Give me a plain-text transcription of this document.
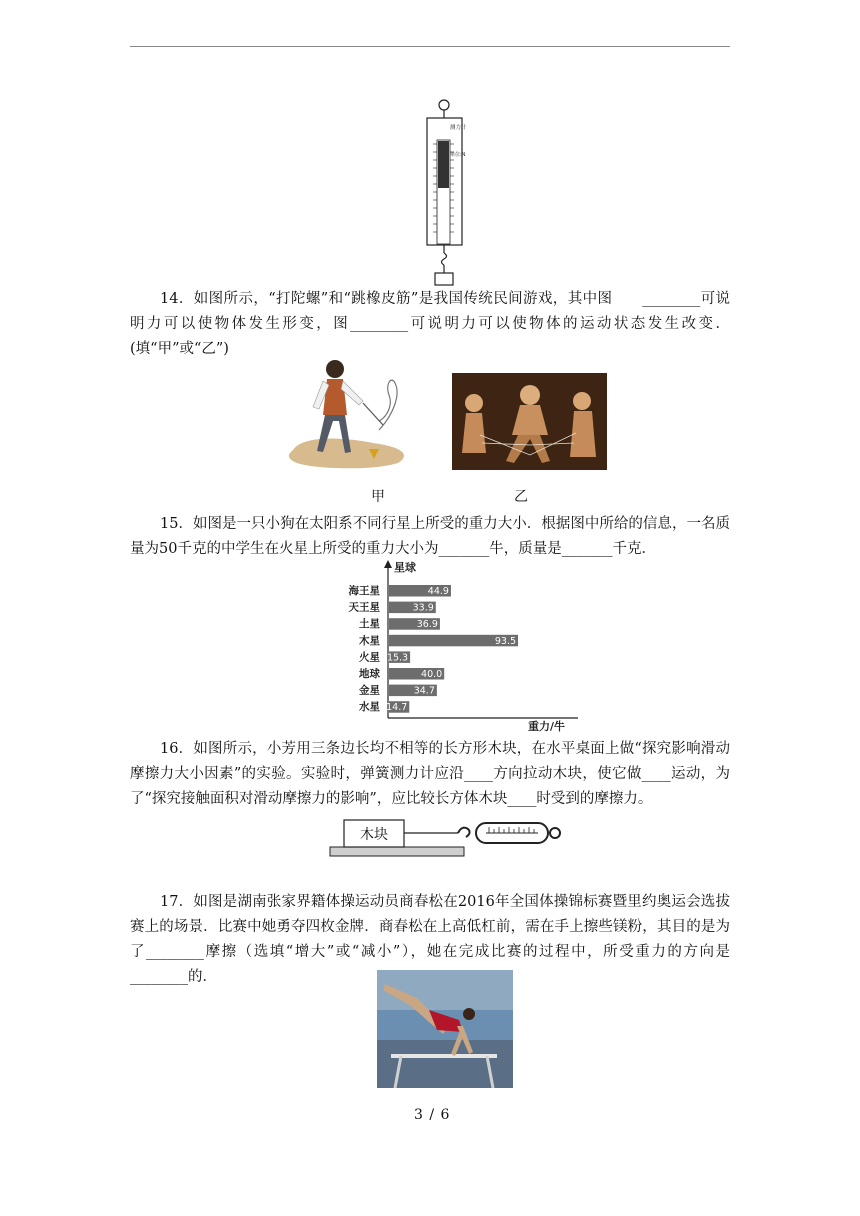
测力计
单位:N

14．如图所示，“打陀螺”和“跳橡皮筋”是我国传统民间游戏，其中图　　________可说明力可以使物体发生形变，图________可说明力可以使物体的运动状态发生改变．(填“甲”或“乙”)

甲	乙

15．如图是一只小狗在太阳系不同行星上所受的重力大小．根据图中所给的信息，一名质量为50千克的中学生在火星上所受的重力大小为_______牛，质量是_______千克．

星球
重力/牛
海王星	44.9
天王星	33.9
土星	36.9
木星	93.5
火星 15.3
地球	40.0
金星	34.7
水星 14.7

16．如图所示，小芳用三条边长均不相等的长方形木块，在水平桌面上做“探究影响滑动摩擦力大小因素”的实验。实验时，弹簧测力计应沿____方向拉动木块，使它做____运动，为了“探究接触面积对滑动摩擦力的影响”，应比较长方体木块____时受到的摩擦力。

木块

17．如图是湖南张家界籍体操运动员商春松在2016年全国体操锦标赛暨里约奥运会选拔赛上的场景．比赛中她勇夺四枚金牌．商春松在上高低杠前，需在手上擦些镁粉，其目的是为了________摩擦（选填“增大”或“减小”），她在完成比赛的过程中，所受重力的方向是________的．

3 / 6
